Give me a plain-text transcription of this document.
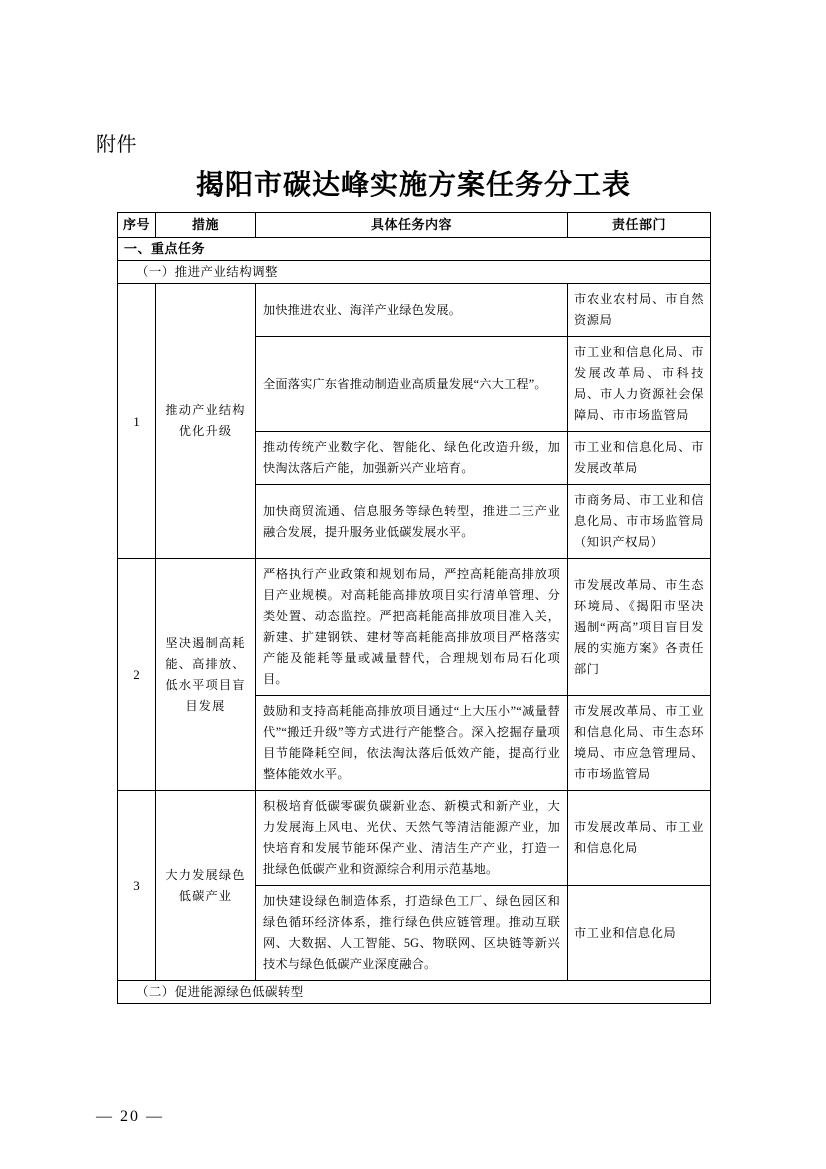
附件
揭阳市碳达峰实施方案任务分工表
序号	措施	具体任务内容	责任部门
一、重点任务			
（一）推进产业结构调整			
1	推动产业结构优化升级	加快推进农业、海洋产业绿色发展。	市农业农村局、市自然资源局
		全面落实广东省推动制造业高质量发展“六大工程”。	市工业和信息化局、市发展改革局、市科技局、市人力资源社会保障局、市市场监管局
		推动传统产业数字化、智能化、绿色化改造升级，加快淘汰落后产能，加强新兴产业培育。	市工业和信息化局、市发展改革局
		加快商贸流通、信息服务等绿色转型，推进二三产业融合发展，提升服务业低碳发展水平。	市商务局、市工业和信息化局、市市场监管局（知识产权局）
2	坚决遏制高耗能、高排放、低水平项目盲目发展	严格执行产业政策和规划布局，严控高耗能高排放项目产业规模。对高耗能高排放项目实行清单管理、分类处置、动态监控。严把高耗能高排放项目准入关，新建、扩建钢铁、建材等高耗能高排放项目严格落实产能及能耗等量或减量替代，合理规划布局石化项目。	市发展改革局、市生态环境局、《揭阳市坚决遏制“两高”项目盲目发展的实施方案》各责任部门
		鼓励和支持高耗能高排放项目通过“上大压小”“减量替代”“搬迁升级”等方式进行产能整合。深入挖掘存量项目节能降耗空间，依法淘汰落后低效产能，提高行业整体能效水平。	市发展改革局、市工业和信息化局、市生态环境局、市应急管理局、市市场监管局
3	大力发展绿色低碳产业	积极培育低碳零碳负碳新业态、新模式和新产业，大力发展海上风电、光伏、天然气等清洁能源产业，加快培育和发展节能环保产业、清洁生产产业，打造一批绿色低碳产业和资源综合利用示范基地。	市发展改革局、市工业和信息化局
		加快建设绿色制造体系，打造绿色工厂、绿色园区和绿色循环经济体系，推行绿色供应链管理。推动互联网、大数据、人工智能、5G、物联网、区块链等新兴技术与绿色低碳产业深度融合。	市工业和信息化局
（二）促进能源绿色低碳转型			
— 20 —
